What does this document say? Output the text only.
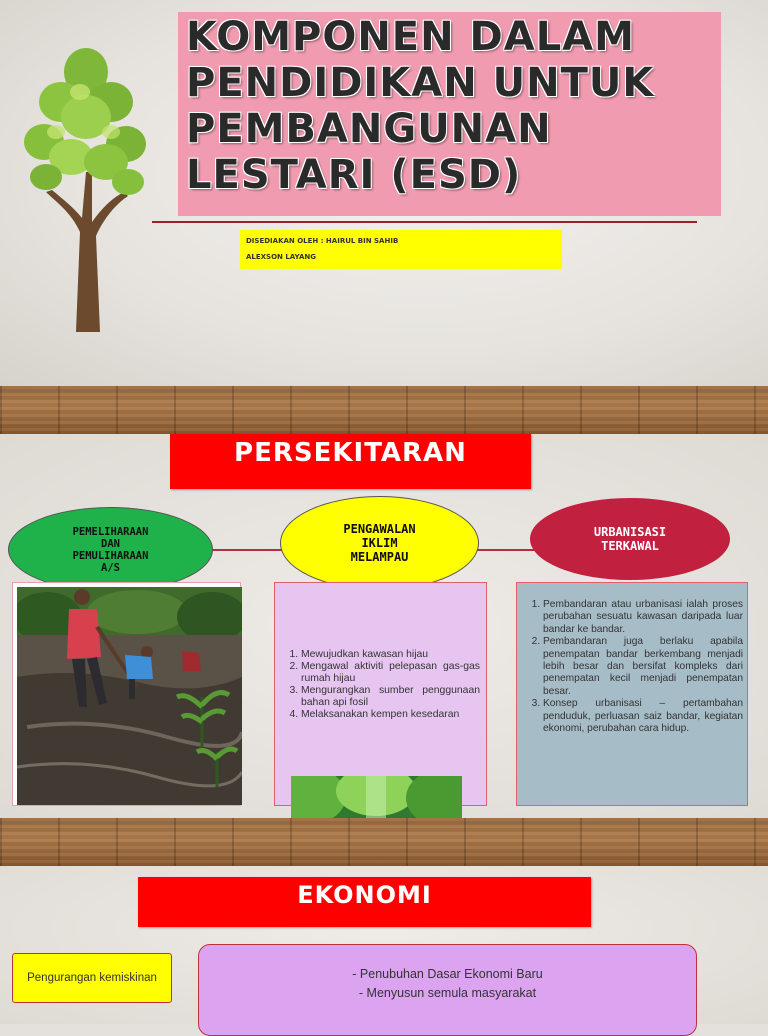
KOMPONEN DALAM
PENDIDIKAN UNTUK
PEMBANGUNAN
LESTARI (ESD)
DISEDIAKAN OLEH : HAIRUL BIN SAHIB
ALEXSON LAYANG
PERSEKITARAN
PEMELIHARAAN
DAN
PEMULIHARAAN
A/S
PENGAWALAN
IKLIM
MELAMPAU
URBANISASI
TERKAWAL
1. Mewujudkan kawasan hijau
2. Mengawal aktiviti pelepasan gas-gas rumah hijau
3. Mengurangkan sumber penggunaan bahan api fosil
4. Melaksanakan kempen kesedaran
1. Pembandaran atau urbanisasi ialah proses perubahan sesuatu kawasan daripada luar bandar ke bandar.
2. Pembandaran juga berlaku apabila penempatan bandar berkembang menjadi lebih besar dan bersifat kompleks dari penempatan kecil menjadi penempatan besar.
3. Konsep urbanisasi – pertambahan penduduk, perluasan saiz bandar, kegiatan ekonomi, perubahan cara hidup.
EKONOMI
Pengurangan kemiskinan	- Penubuhan Dasar Ekonomi Baru
- Menyusun semula masyarakat
